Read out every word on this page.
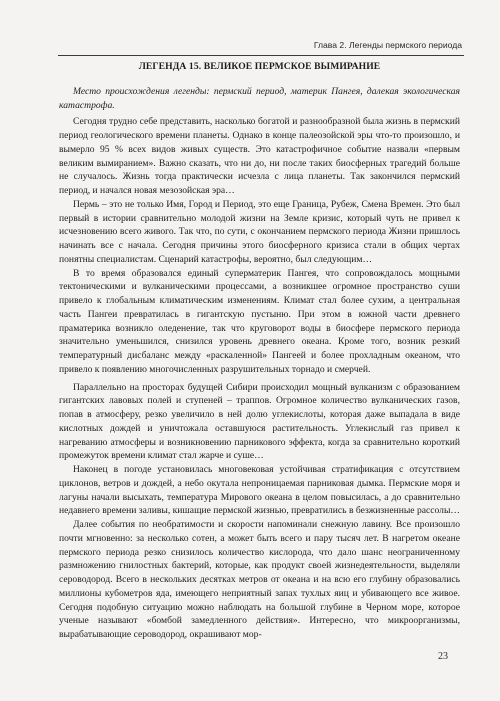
Глава 2. Легенды пермского периода
ЛЕГЕНДА 15. ВЕЛИКОЕ ПЕРМСКОЕ ВЫМИРАНИЕ

Место происхождения легенды: пермский период, материк Пангея, далекая экологическая катастрофа.

Сегодня трудно себе представить, насколько богатой и разнообразной была жизнь в пермский период геологического времени планеты. Однако в конце палеозойской эры что-то произошло, и вымерло 95 % всех видов живых существ. Это катастрофичное событие назвали «первым великим вымиранием». Важно сказать, что ни до, ни после таких биосферных трагедий больше не случалось. Жизнь тогда практически исчезла с лица планеты. Так закончился пермский период, и начался новая мезозойская эра…

Пермь – это не только Имя, Город и Период, это еще Граница, Рубеж, Смена Времен. Это был первый в истории сравнительно молодой жизни на Земле кризис, который чуть не привел к исчезновению всего живого. Так что, по сути, с окончанием пермского периода Жизни пришлось начинать все с начала. Сегодня причины этого биосферного кризиса стали в общих чертах понятны специалистам. Сценарий катастрофы, вероятно, был следующим…

В то время образовался единый суперматерик Пангея, что сопровождалось мощными тектоническими и вулканическими процессами, а возникшее огромное пространство суши привело к глобальным климатическим изменениям. Климат стал более сухим, а центральная часть Пангеи превратилась в гигантскую пустыню. При этом в южной части древнего праматерика возникло оледенение, так что круговорот воды в биосфере пермского периода значительно уменьшился, снизился уровень древнего океана. Кроме того, возник резкий температурный дисбаланс между «раскаленной» Пангеей и более прохладным океаном, что привело к появлению многочисленных разрушительных торнадо и смерчей.

Параллельно на просторах будущей Сибири происходил мощный вулканизм с образованием гигантских лавовых полей и ступеней – траппов. Огромное количество вулканических газов, попав в атмосферу, резко увеличило в ней долю углекислоты, которая даже выпадала в виде кислотных дождей и уничтожала оставшуюся растительность. Углекислый газ привел к нагреванию атмосферы и возникновению парникового эффекта, когда за сравнительно короткий промежуток времени климат стал жарче и суше…

Наконец в погоде установилась многовековая устойчивая стратификация с отсутствием циклонов, ветров и дождей, а небо окутала непроницаемая парниковая дымка. Пермские моря и лагуны начали высыхать, температура Мирового океана в целом повысилась, а до сравнительно недавнего времени заливы, кишащие пермской жизнью, превратились в безжизненные рассолы…

Далее события по необратимости и скорости напоминали снежную лавину. Все произошло почти мгновенно: за несколько сотен, а может быть всего и пару тысяч лет. В нагретом океане пермского периода резко снизилось количество кислорода, что дало шанс неограниченному размножению гнилостных бактерий, которые, как продукт своей жизнедеятельности, выделяли сероводород. Всего в нескольких десятках метров от океана и на всю его глубину образовались миллионы кубометров яда, имеющего неприятный запах тухлых яиц и убивающего все живое. Сегодня подобную ситуацию можно наблюдать на большой глубине в Черном море, которое ученые называют «бомбой замедленного действия». Интересно, что микроорганизмы, вырабатывающие сероводород, окрашивают мор-

23
